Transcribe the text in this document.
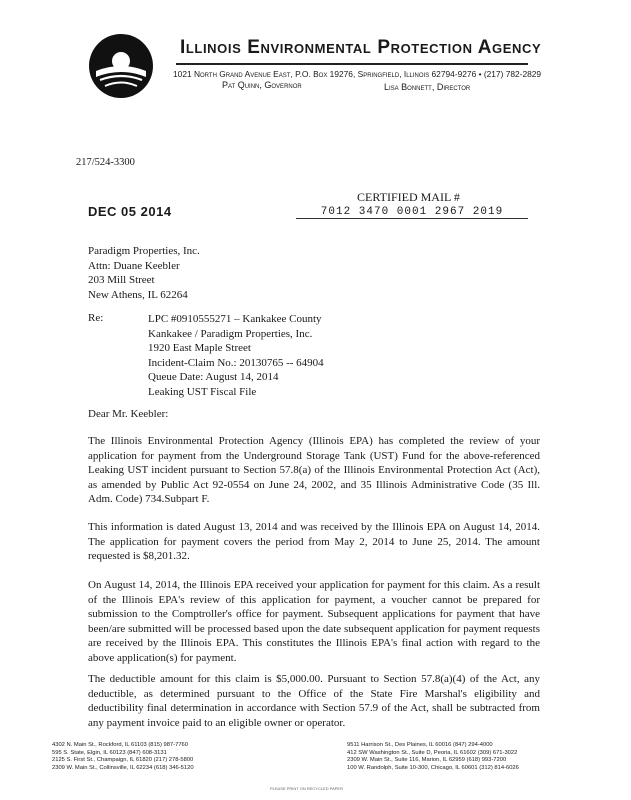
Illinois Environmental Protection Agency
1021 North Grand Avenue East, P.O. Box 19276, Springfield, Illinois 62794-9276 • (217) 782-2829
Pat Quinn, Governor	Lisa Bonnett, Director
217/524-3300
CERTIFIED MAIL #
DEC 05 2014	7012 3470 0001 2967 2019
Paradigm Properties, Inc.
Attn: Duane Keebler
203 Mill Street
New Athens, IL 62264
Re:	LPC #0910555271 – Kankakee County
Kankakee / Paradigm Properties, Inc.
1920 East Maple Street
Incident-Claim No.: 20130765 -- 64904
Queue Date: August 14, 2014
Leaking UST Fiscal File
Dear Mr. Keebler:
The Illinois Environmental Protection Agency (Illinois EPA) has completed the review of your application for payment from the Underground Storage Tank (UST) Fund for the above-referenced Leaking UST incident pursuant to Section 57.8(a) of the Illinois Environmental Protection Act (Act), as amended by Public Act 92-0554 on June 24, 2002, and 35 Illinois Administrative Code (35 Ill. Adm. Code) 734.Subpart F.
This information is dated August 13, 2014 and was received by the Illinois EPA on August 14, 2014. The application for payment covers the period from May 2, 2014 to June 25, 2014. The amount requested is $8,201.32.
On August 14, 2014, the Illinois EPA received your application for payment for this claim. As a result of the Illinois EPA's review of this application for payment, a voucher cannot be prepared for submission to the Comptroller's office for payment. Subsequent applications for payment that have been/are submitted will be processed based upon the date subsequent application for payment requests are received by the Illinois EPA. This constitutes the Illinois EPA's final action with regard to the above application(s) for payment.
The deductible amount for this claim is $5,000.00. Pursuant to Section 57.8(a)(4) of the Act, any deductible, as determined pursuant to the Office of the State Fire Marshal's eligibility and deductibility final determination in accordance with Section 57.9 of the Act, shall be subtracted from any payment invoice paid to an eligible owner or operator.
4302 N. Main St., Rockford, IL 61103 (815) 987-7760
595 S. State, Elgin, IL 60123 (847) 608-3131
2125 S. First St., Champaign, IL 61820 (217) 278-5800
2309 W. Main St., Collinsville, IL 62234 (618) 346-5120
9511 Harrison St., Des Plaines, IL 60016 (847) 294-4000
412 SW Washington St., Suite D, Peoria, IL 61602 (309) 671-3022
2309 W. Main St., Suite 116, Marion, IL 62959 (618) 993-7200
100 W. Randolph, Suite 10-300, Chicago, IL 60601 (312) 814-6026
PLEASE PRINT ON RECYCLED PAPER
